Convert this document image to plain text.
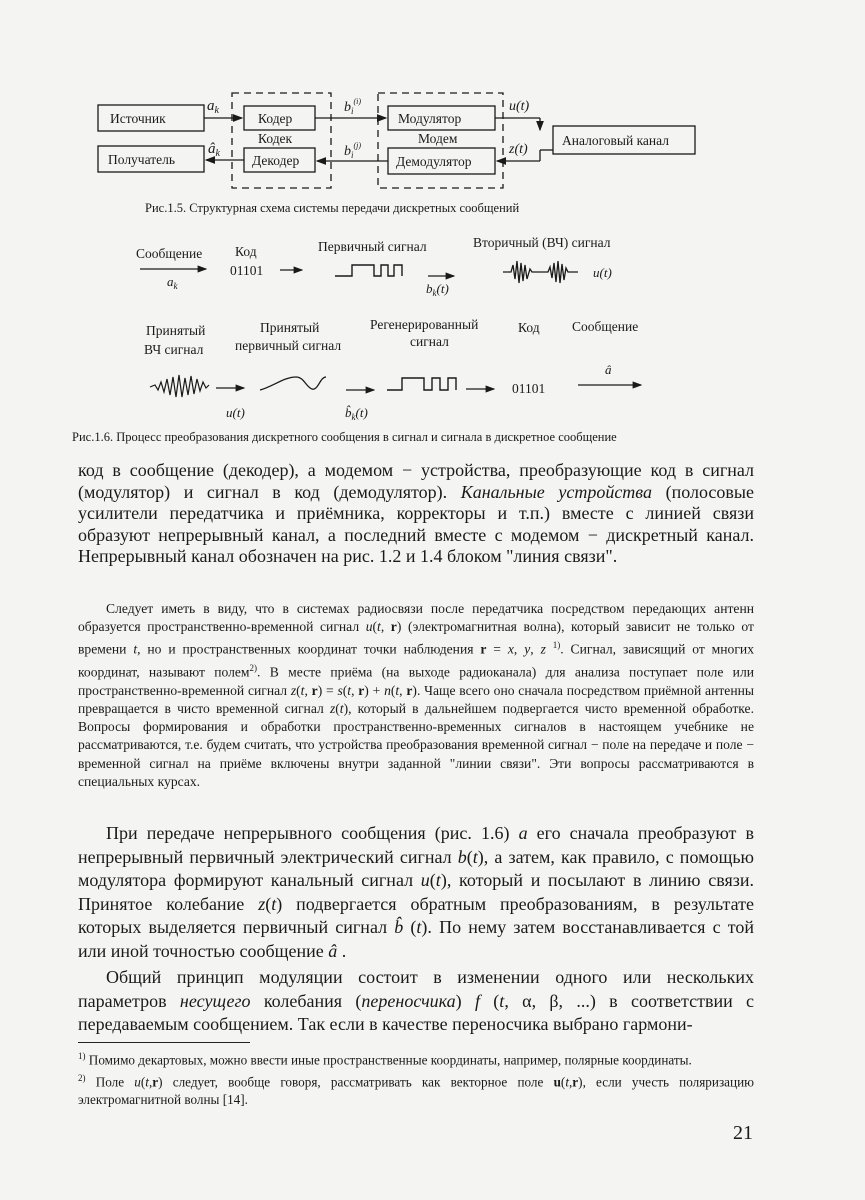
Источник
Получатель
Кодер
Кодек
Декодер
Модулятор
Модем
Демодулятор
Аналоговый канал
$a_k$
$â_k$
$b_i^{(i)}$
$b_i^{(j)}$
u(t)
z(t)
Рис.1.5. Структурная схема системы передачи дискретных сообщений
Сообщение
$a_k$
Код
01101
Первичный сигнал
$b_k(t)$
Вторичный (ВЧ) сигнал
u(t)
Принятый
ВЧ сигнал
Принятый
первичный сигнал
Регенерированный
сигнал
Код Сообщение
u(t)	$b̂_k(t)$
01101
â
Рис.1.6. Процесс преобразования дискретного сообщения в сигнал и сигнала в дискретное сообщение

код в сообщение (декодер), а модемом − устройства, преобразующие код в сигнал (модулятор) и сигнал в код (демодулятор). Канальные устройства (полосовые усилители передатчика и приёмника, корректоры и т.п.) вместе с линией связи образуют непрерывный канал, а последний вместе с модемом − дискретный канал. Непрерывный канал обозначен на рис. 1.2 и 1.4 блоком "линия связи".

Следует иметь в виду, что в системах радиосвязи после передатчика посредством передающих антенн образуется пространственно-временной сигнал u(t, r) (электромагнитная волна), который зависит не только от времени t, но и пространственных координат точки наблюдения r = x, y, z $^{1)}$. Сигнал, зависящий от многих координат, называют полем$^{2)}$. В месте приёма (на выходе радиоканала) для анализа поступает поле или пространственно-временной сигнал z(t, r) = s(t, r) + n(t, r). Чаще всего оно сначала посредством приёмной антенны превращается в чисто временной сигнал z(t), который в дальнейшем подвергается чисто временной обработке. Вопросы формирования и обработки пространственно-временных сигналов в настоящем учебнике не рассматриваются, т.е. будем считать, что устройства преобразования временной сигнал − поле на передаче и поле − временной сигнал на приёме включены внутри заданной "линии связи". Эти вопросы рассматриваются в специальных курсах.

При передаче непрерывного сообщения (рис. 1.6) a его сначала преобразуют в непрерывный первичный электрический сигнал b(t), а затем, как правило, с помощью модулятора формируют канальный сигнал u(t), который и посылают в линию связи. Принятое колебание z(t) подвергается обратным преобразованиям, в результате которых выделяется первичный сигнал b̂ (t). По нему затем восстанавливается с той или иной точностью сообщение â .

Общий принцип модуляции состоит в изменении одного или нескольких параметров несущего колебания (переносчика) f (t, α, β, ...) в соответствии с передаваемым сообщением. Так если в качестве переносчика выбрано гармони-

$^{1)}$ Помимо декартовых, можно ввести иные пространственные координаты, например, полярные координаты.

$^{2)}$ Поле u(t,r) следует, вообще говоря, рассматривать как векторное поле u(t,r), если учесть поляризацию электромагнитной волны [14].

21
